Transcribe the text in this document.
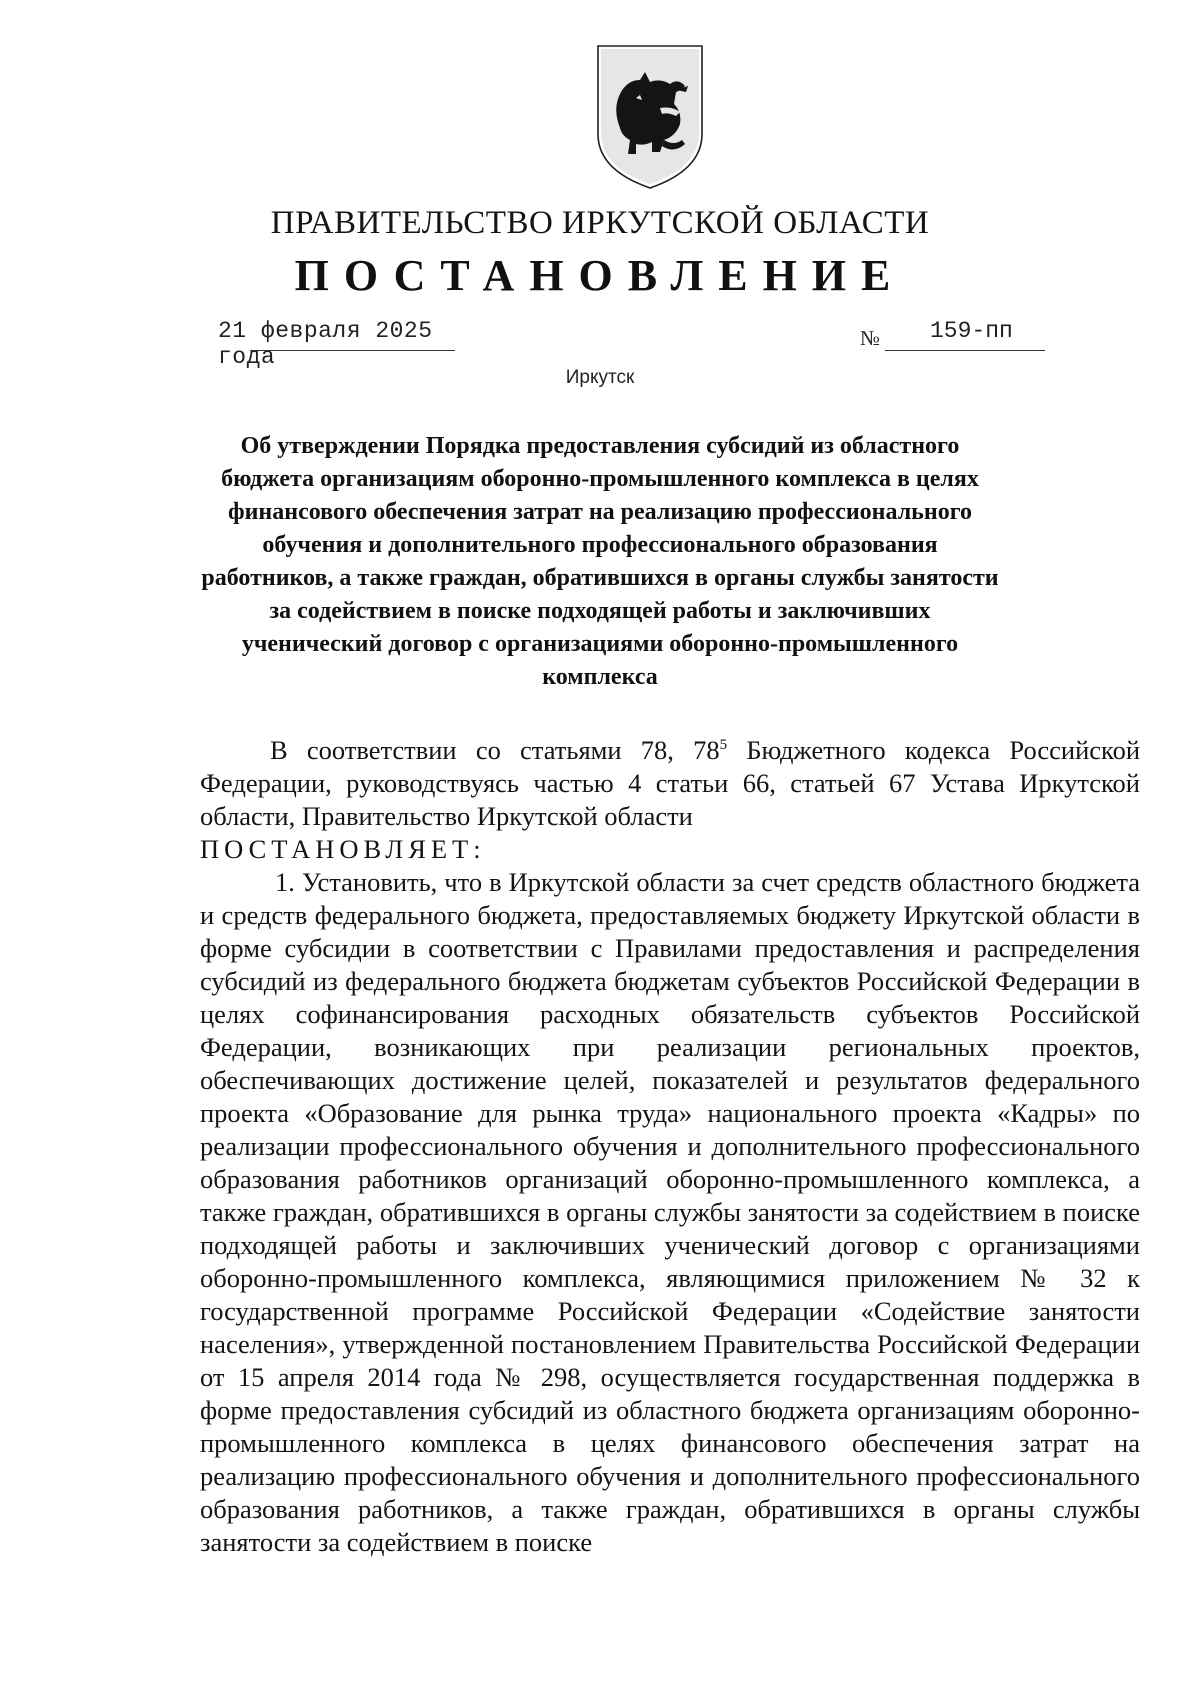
ПРАВИТЕЛЬСТВО ИРКУТСКОЙ ОБЛАСТИ
ПОСТАНОВЛЕНИЕ
21 февраля 2025 года
№ 159-пп
Иркутск
Об утверждении Порядка предоставления субсидий из областного
бюджета организациям оборонно-промышленного комплекса в целях
финансового обеспечения затрат на реализацию профессионального
обучения и дополнительного профессионального образования
работников, а также граждан, обратившихся в органы службы занятости
за содействием в поиске подходящей работы и заключивших
ученический договор с организациями оборонно-промышленного
комплекса
В соответствии со статьями 78, $78^5$ Бюджетного кодекса Российской Федерации, руководствуясь частью 4 статьи 66, статьей 67 Устава Иркутской области, Правительство Иркутской области
ПОСТАНОВЛЯЕТ:
1. Установить, что в Иркутской области за счет средств областного бюджета и средств федерального бюджета, предоставляемых бюджету Иркутской области в форме субсидии в соответствии с Правилами предоставления и распределения субсидий из федерального бюджета бюджетам субъектов Российской Федерации в целях софинансирования расходных обязательств субъектов Российской Федерации, возникающих при реализации региональных проектов, обеспечивающих достижение целей, показателей и результатов федерального проекта «Образование для рынка труда» национального проекта «Кадры» по реализации профессионального обучения и дополнительного профессионального образования работников организаций оборонно-промышленного комплекса, а также граждан, обратившихся в органы службы занятости за содействием в поиске подходящей работы и заключивших ученический договор с организациями оборонно-промышленного комплекса, являющимися приложением № 32 к государственной программе Российской Федерации «Содействие занятости населения», утвержденной постановлением Правительства Российской Федерации от 15 апреля 2014 года № 298, осуществляется государственная поддержка в форме предоставления субсидий из областного бюджета организациям оборонно-промышленного комплекса в целях финансового обеспечения затрат на реализацию профессионального обучения и дополнительного профессионального образования работников, а также граждан, обратившихся в органы службы занятости за содействием в поиске
